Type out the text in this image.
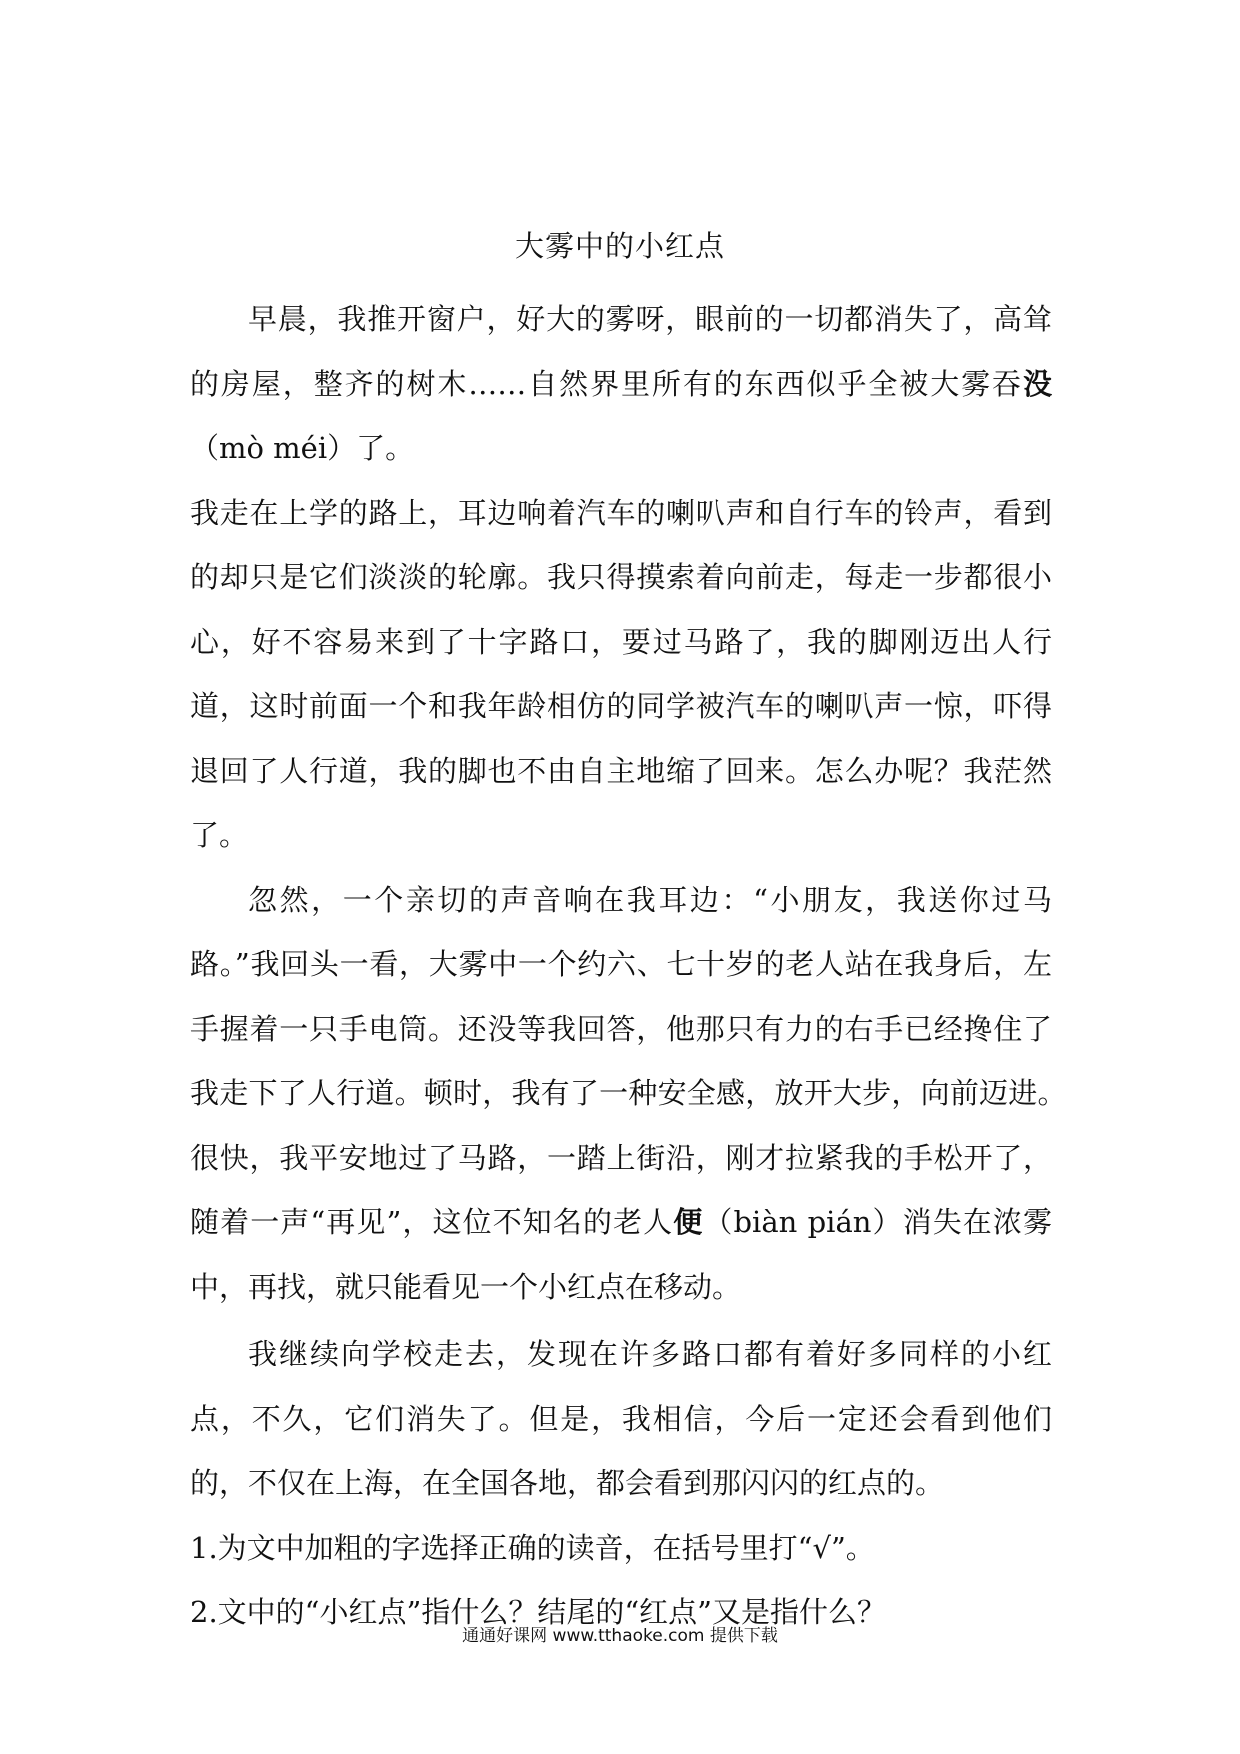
大雾中的小红点

早晨，我推开窗户，好大的雾呀，眼前的一切都消失了，高耸的房屋，整齐的树木……自然界里所有的东西似乎全被大雾吞没（mò méi）了。

我走在上学的路上，耳边响着汽车的喇叭声和自行车的铃声，看到的却只是它们淡淡的轮廓。我只得摸索着向前走，每走一步都很小心，好不容易来到了十字路口，要过马路了，我的脚刚迈出人行道，这时前面一个和我年龄相仿的同学被汽车的喇叭声一惊，吓得退回了人行道，我的脚也不由自主地缩了回来。怎么办呢？我茫然了。

忽然，一个亲切的声音响在我耳边：“小朋友，我送你过马路。”我回头一看，大雾中一个约六、七十岁的老人站在我身后，左手握着一只手电筒。还没等我回答，他那只有力的右手已经搀住了我走下了人行道。顿时，我有了一种安全感，放开大步，向前迈进。　很快，我平安地过了马路，一踏上街沿，刚才拉紧我的手松开了，随着一声“再见”，这位不知名的老人便（biàn pián）消失在浓雾中，再找，就只能看见一个小红点在移动。

我继续向学校走去，发现在许多路口都有着好多同样的小红点，不久，它们消失了。但是，我相信，今后一定还会看到他们的，不仅在上海，在全国各地，都会看到那闪闪的红点的。

1.为文中加粗的字选择正确的读音，在括号里打“√”。

2.文中的“小红点”指什么？结尾的“红点”又是指什么？

通通好课网 www.tthaoke.com 提供下载
